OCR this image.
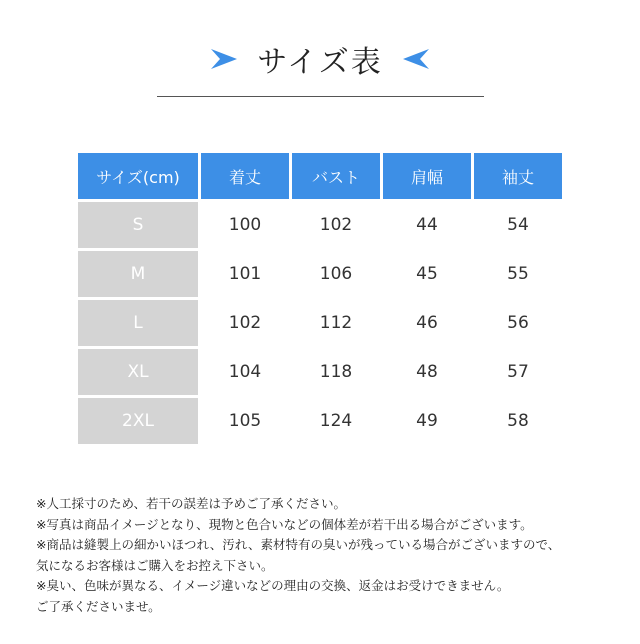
サイズ表
サイズ(cm)	着丈	バスト	肩幅	袖丈
S	100	102	44	54
M	101	106	45	55
L	102	112	46	56
XL	104	118	48	57
2XL	105	124	49	58
※人工採寸のため、若干の誤差は予めご了承ください。
※写真は商品イメージとなり、現物と色合いなどの個体差が若干出る場合がございます。
※商品は縫製上の細かいほつれ、汚れ、素材特有の臭いが残っている場合がございますので、
気になるお客様はご購入をお控え下さい。
※臭い、色味が異なる、イメージ違いなどの理由の交換、返金はお受けできません。
ご了承くださいませ。
